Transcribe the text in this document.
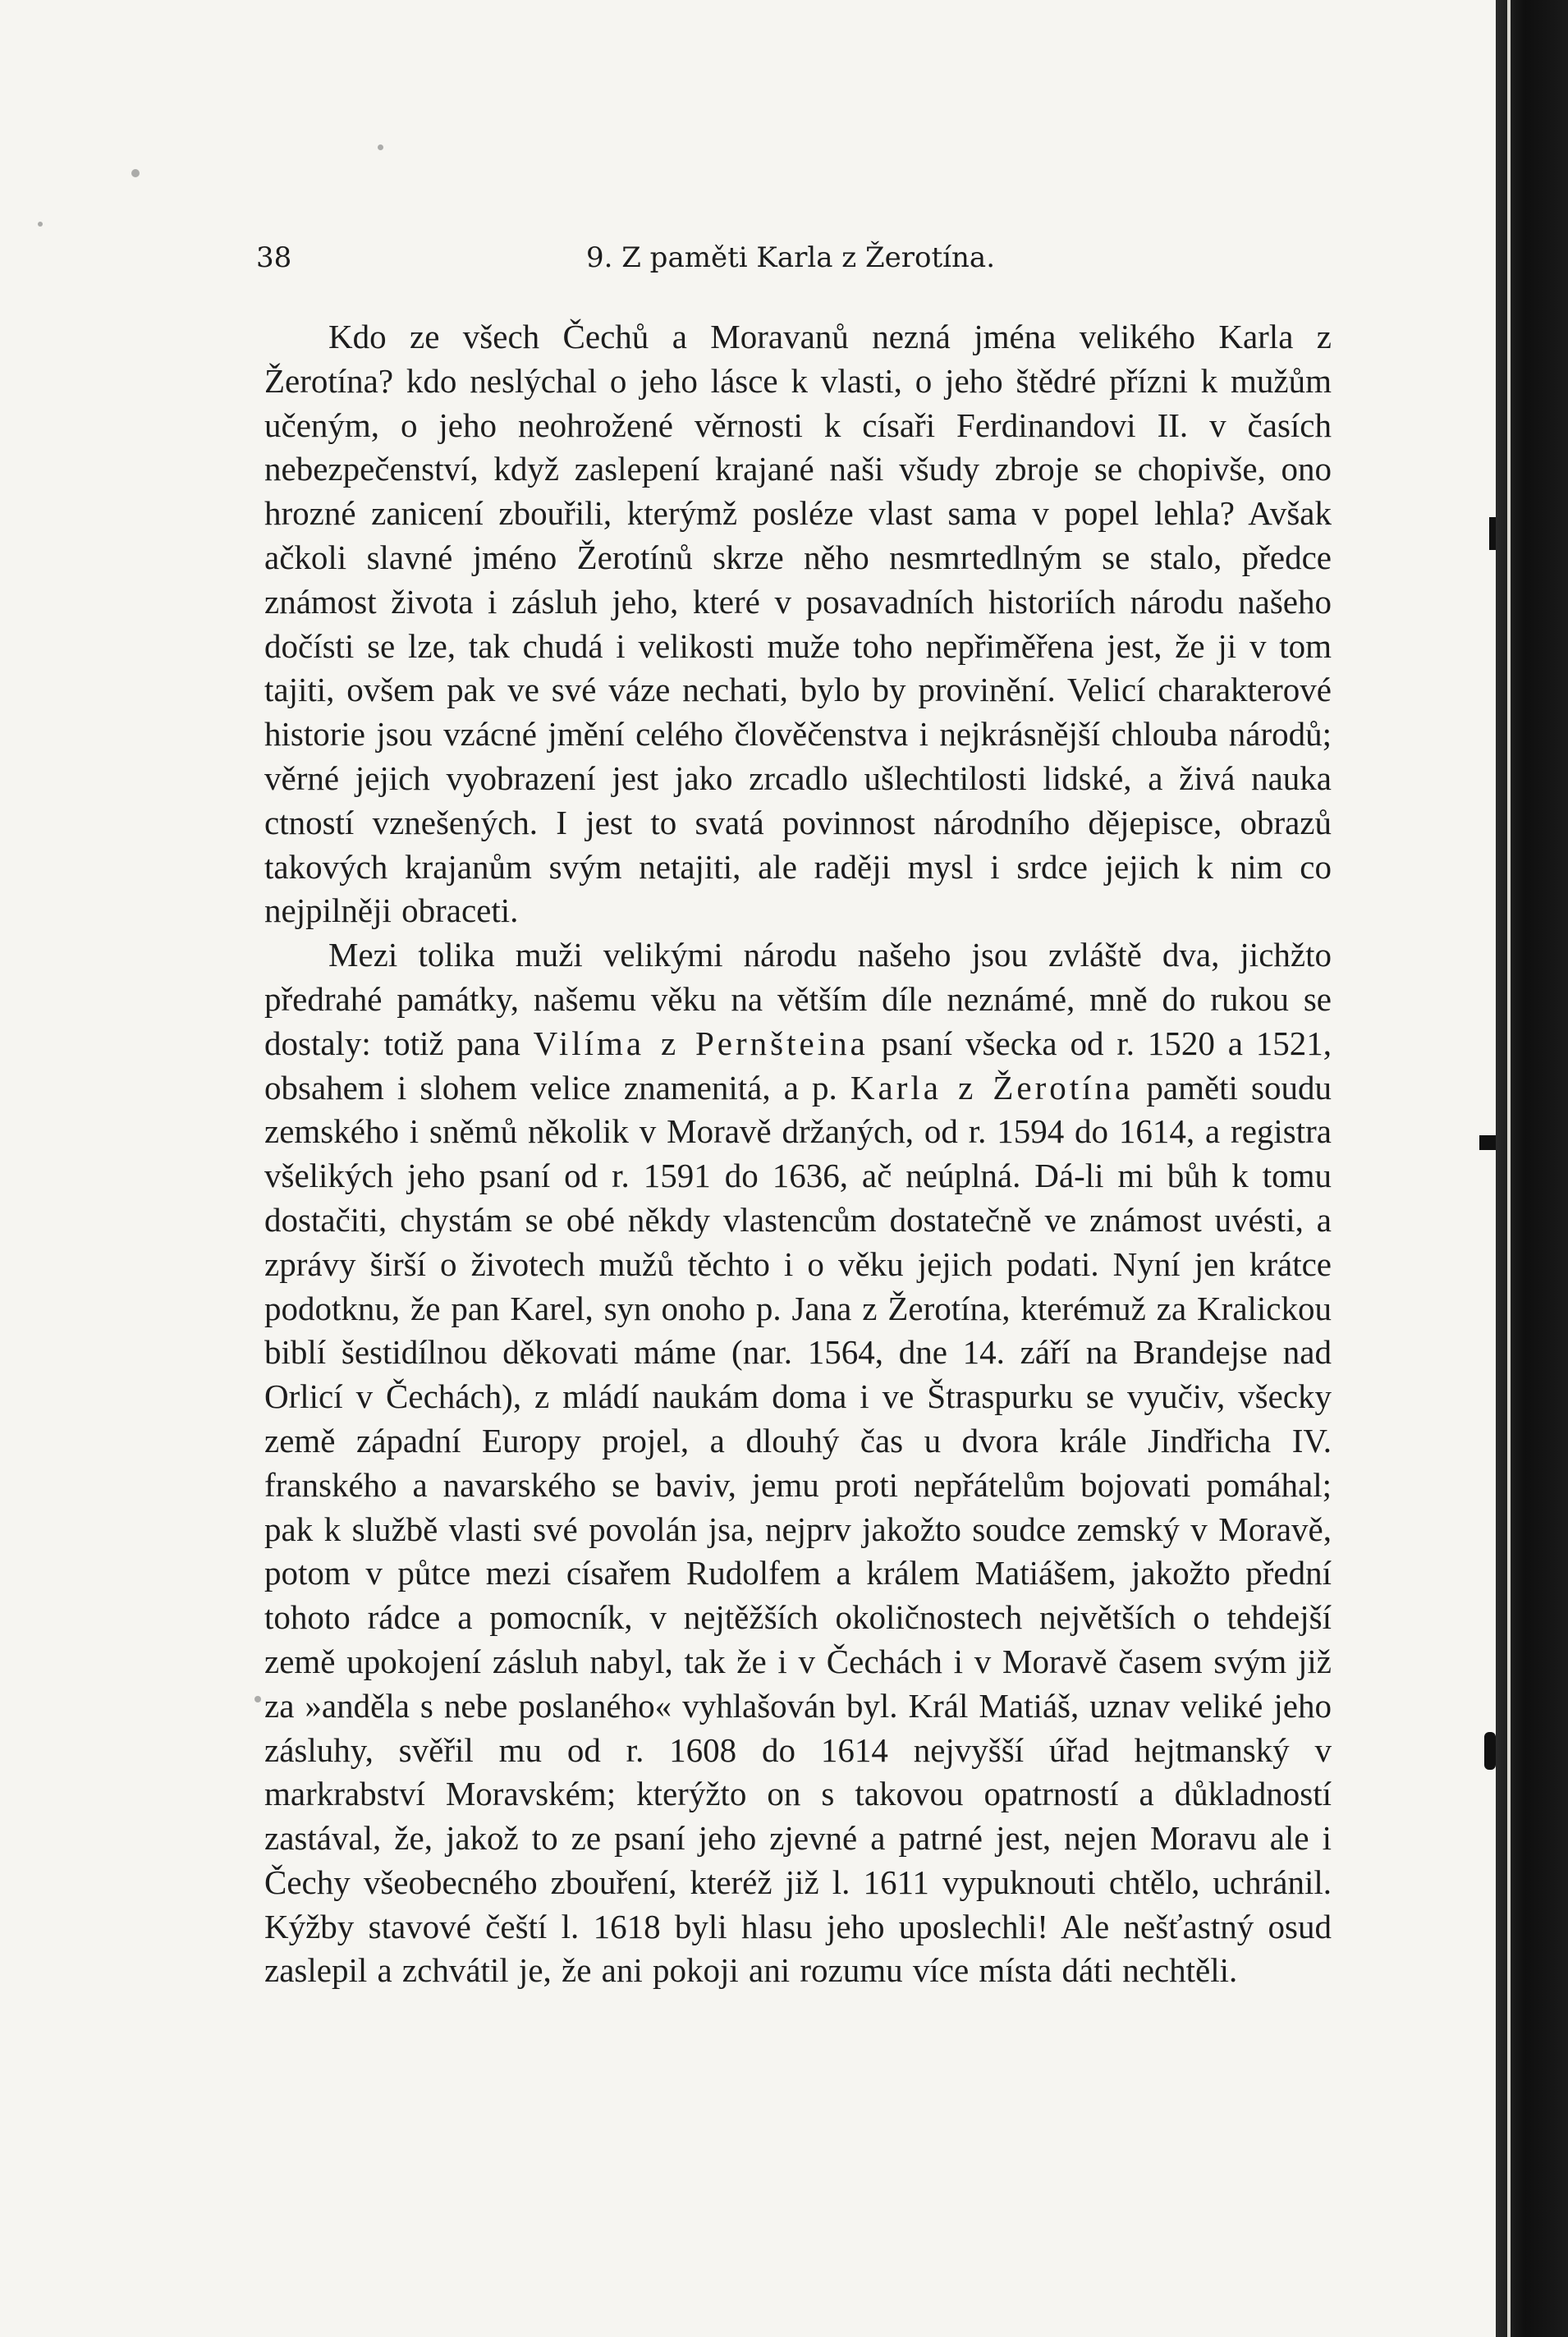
38	9. Z paměti Karla z Žerotína.

Kdo ze všech Čechů a Moravanů nezná jména velikého Karla z Žerotína? kdo neslýchal o jeho lásce k vlasti, o jeho štědré přízni k mužům učeným, o jeho neohrožené věrnosti k císaři Ferdinandovi II. v časích nebezpečenství, když zaslepení krajané naši všudy zbroje se chopivše, ono hrozné zanicení zbouřili, kterýmž posléze vlast sama v popel lehla? Avšak ačkoli slavné jméno Žerotínů skrze něho nesmrtedlným se stalo, předce známost života i zásluh jeho, které v posavadních historiích národu našeho dočísti se lze, tak chudá i velikosti muže toho nepřiměřena jest, že ji v tom tajiti, ovšem pak ve své váze nechati, bylo by provinění. Velicí charakterové historie jsou vzácné jmění celého člověčenstva i nejkrásnější chlouba národů; věrné jejich vyobrazení jest jako zrcadlo ušlechtilosti lidské, a živá nauka ctností vznešených. I jest to svatá povinnost národního dějepisce, obrazů takových krajanům svým netajiti, ale raději mysl i srdce jejich k nim co nejpilněji obraceti.

Mezi tolika muži velikými národu našeho jsou zvláště dva, jichžto předrahé památky, našemu věku na větším díle neznámé, mně do rukou se dostaly: totiž pana Vilíma z Pernšteina psaní všecka od r. 1520 a 1521, obsahem i slohem velice znamenitá, a p. Karla z Žerotína paměti soudu zemského i sněmů několik v Moravě držaných, od r. 1594 do 1614, a registra všelikých jeho psaní od r. 1591 do 1636, ač neúplná. Dá-li mi bůh k tomu dostačiti, chystám se obé někdy vlastencům dostatečně ve známost uvésti, a zprávy širší o životech mužů těchto i o věku jejich podati. Nyní jen krátce podotknu, že pan Karel, syn onoho p. Jana z Žerotína, kterémuž za Kralickou biblí šestidílnou děkovati máme (nar. 1564, dne 14. září na Brandejse nad Orlicí v Čechách), z mládí naukám doma i ve Štraspurku se vyučiv, všecky země západní Europy projel, a dlouhý čas u dvora krále Jindřicha IV. franského a navarského se baviv, jemu proti nepřátelům bojovati pomáhal; pak k službě vlasti své povolán jsa, nejprv jakožto soudce zemský v Moravě, potom v půtce mezi císařem Rudolfem a králem Matiášem, jakožto přední tohoto rádce a pomocník, v nejtěžších okoličnostech největších o tehdejší země upokojení zásluh nabyl, tak že i v Čechách i v Moravě časem svým již za »anděla s nebe poslaného« vyhlašován byl. Král Matiáš, uznav veliké jeho zásluhy, svěřil mu od r. 1608 do 1614 nejvyšší úřad hejtmanský v markrabství Moravském; kterýžto on s takovou opatrností a důkladností zastával, že, jakož to ze psaní jeho zjevné a patrné jest, nejen Moravu ale i Čechy všeobecného zbouření, kteréž již l. 1611 vypuknouti chtělo, uchránil. Kýžby stavové čeští l. 1618 byli hlasu jeho uposlechli! Ale nešťastný osud zaslepil a zchvátil je, že ani pokoji ani rozumu více místa dáti nechtěli.
